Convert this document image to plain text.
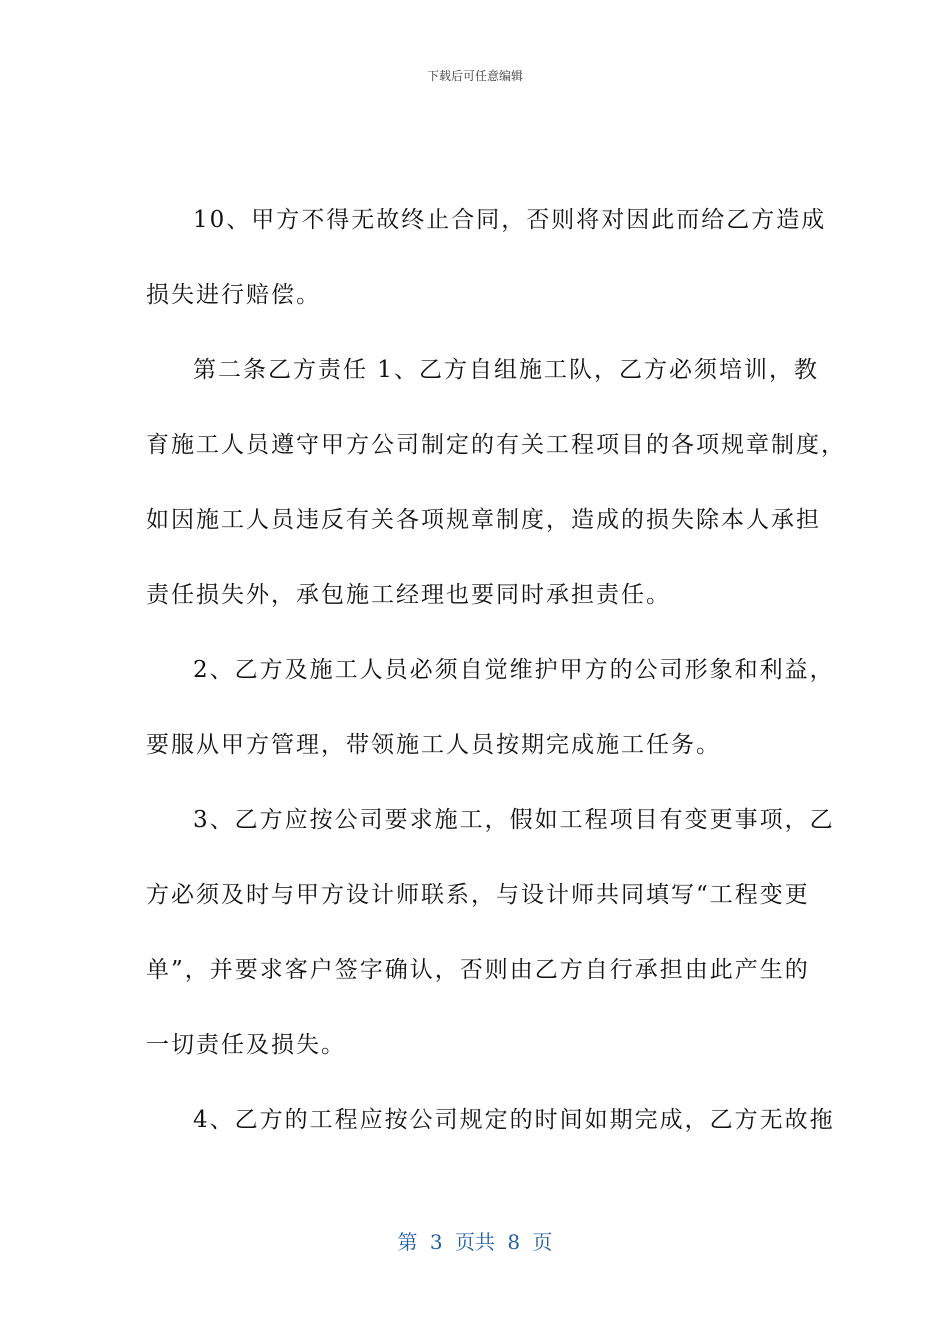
下载后可任意编辑
10、甲方不得无故终止合同，否则将对因此而给乙方造成
损失进行赔偿。
第二条乙方责任 1、乙方自组施工队，乙方必须培训，教
育施工人员遵守甲方公司制定的有关工程项目的各项规章制度，
如因施工人员违反有关各项规章制度，造成的损失除本人承担
责任损失外，承包施工经理也要同时承担责任。
2、乙方及施工人员必须自觉维护甲方的公司形象和利益，
要服从甲方管理，带领施工人员按期完成施工任务。
3、乙方应按公司要求施工，假如工程项目有变更事项，乙
方必须及时与甲方设计师联系，与设计师共同填写“工程变更
单”，并要求客户签字确认，否则由乙方自行承担由此产生的
一切责任及损失。
4、乙方的工程应按公司规定的时间如期完成，乙方无故拖
第 3 页共 8 页
